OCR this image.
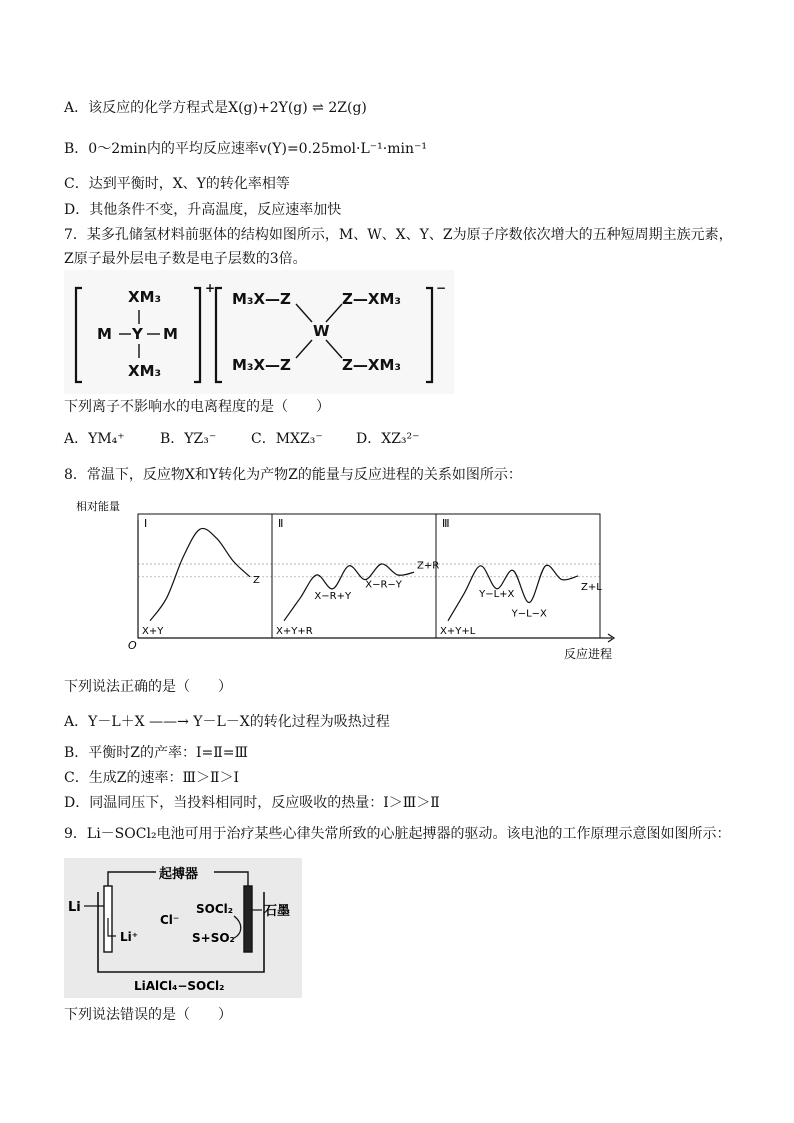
A．该反应的化学方程式是X(g)+2Y(g) ⇌ 2Z(g)
B．0～2min内的平均反应速率v(Y)=0.25mol·L⁻¹·min⁻¹
C．达到平衡时，X、Y的转化率相等
D．其他条件不变，升高温度，反应速率加快
7．某多孔储氢材料前驱体的结构如图所示，M、W、X、Y、Z为原子序数依次增大的五种短周期主族元素，
Z原子最外层电子数是电子层数的3倍。
XM₃
M Y M
XM₃
+
M₃X—Z	Z—XM₃
W
M₃X—Z	Z—XM₃
−
下列离子不影响水的电离程度的是（　　）
A．YM₄⁺	B．YZ₃⁻ C．MXZ₃⁻ D．XZ₃²⁻
8．常温下，反应物X和Y转化为产物Z的能量与反应进程的关系如图所示：
相对能量
O
反应进程
Ⅰ
X+Y
Z
Ⅱ
X+Y+R
X−R+Y
X−R−Y
Z+R
Ⅲ
X+Y+L
Y−L+X
Y−L−X
Z+L
下列说法正确的是（　　）
A．Y－L＋X ——→ Y－L－X的转化过程为吸热过程
B．平衡时Z的产率：Ⅰ=Ⅱ=Ⅲ
C．生成Z的速率：Ⅲ＞Ⅱ＞Ⅰ
D．同温同压下，当投料相同时，反应吸收的热量：Ⅰ＞Ⅲ＞Ⅱ
9．Li－SOCl₂电池可用于治疗某些心律失常所致的心脏起搏器的驱动。该电池的工作原理示意图如图所示：
起搏器
Li	石墨
Li⁺
Cl⁻
SOCl₂
S+SO₂
LiAlCl₄−SOCl₂
下列说法错误的是（　　）
